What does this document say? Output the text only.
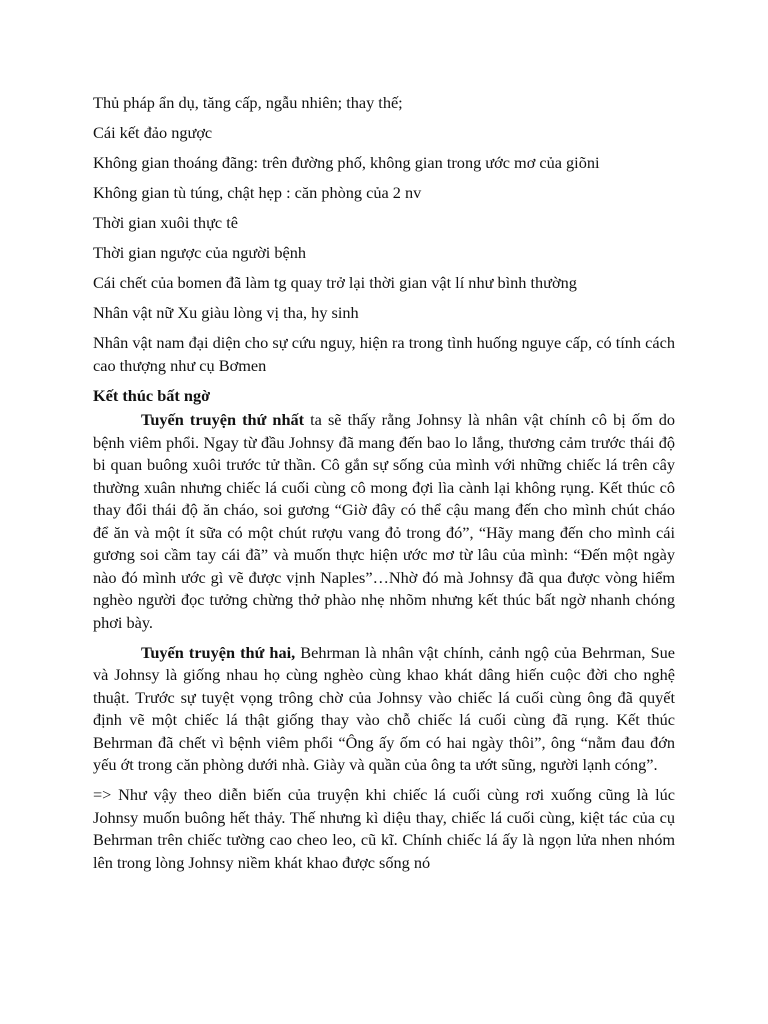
Thủ pháp ẩn dụ, tăng cấp, ngẫu nhiên; thay thế;

Cái kết đảo ngược

Không gian thoáng đãng: trên đường phố, không gian trong ước mơ của giõni

Không gian tù túng, chật hẹp : căn phòng của 2 nv

Thời gian xuôi thực tê

Thời gian ngược của người bệnh

Cái chết của bomen đã làm tg quay trở lại thời gian vật lí như bình thường

Nhân vật nữ Xu giàu lòng vị tha, hy sinh

Nhân vật nam đại diện cho sự cứu nguy, hiện ra trong tình huống nguye cấp, có tính cách cao thượng như cụ Bơmen

Kết thúc bất ngờ

Tuyến truyện thứ nhất ta sẽ thấy rằng Johnsy là nhân vật chính cô bị ốm do bệnh viêm phổi. Ngay từ đầu Johnsy đã mang đến bao lo lắng, thương cảm trước thái độ bi quan buông xuôi trước tử thần. Cô gắn sự sống của mình với những chiếc lá trên cây thường xuân nhưng chiếc lá cuối cùng cô mong đợi lìa cành lại không rụng. Kết thúc cô thay đổi thái độ ăn cháo, soi gương “Giờ đây có thể cậu mang đến cho mình chút cháo để ăn và một ít sữa có một chút rượu vang đỏ trong đó”, “Hãy mang đến cho mình cái gương soi cầm tay cái đã” và muốn thực hiện ước mơ từ lâu của mình: “Đến một ngày nào đó mình ước gì vẽ được vịnh Naples”…Nhờ đó mà Johnsy đã qua được vòng hiểm nghèo người đọc tưởng chừng thở phào nhẹ nhõm nhưng kết thúc bất ngờ nhanh chóng phơi bày.

Tuyến truyện thứ hai, Behrman là nhân vật chính, cảnh ngộ của Behrman, Sue và Johnsy là giống nhau họ cùng nghèo cùng khao khát dâng hiến cuộc đời cho nghệ thuật. Trước sự tuyệt vọng trông chờ của Johnsy vào chiếc lá cuối cùng ông đã quyết định vẽ một chiếc lá thật giống thay vào chỗ chiếc lá cuối cùng đã rụng. Kết thúc Behrman đã chết vì bệnh viêm phổi “Ông ấy ốm có hai ngày thôi”, ông “nằm đau đớn yếu ớt trong căn phòng dưới nhà. Giày và quần của ông ta ướt sũng, người lạnh cóng”.

=> Như vậy theo diễn biến của truyện khi chiếc lá cuối cùng rơi xuống cũng là lúc Johnsy muốn buông hết thảy. Thế nhưng kì diệu thay, chiếc lá cuối cùng, kiệt tác của cụ Behrman trên chiếc tường cao cheo leo, cũ kĩ. Chính chiếc lá ấy là ngọn lửa nhen nhóm lên trong lòng Johnsy niềm khát khao được sống nó
